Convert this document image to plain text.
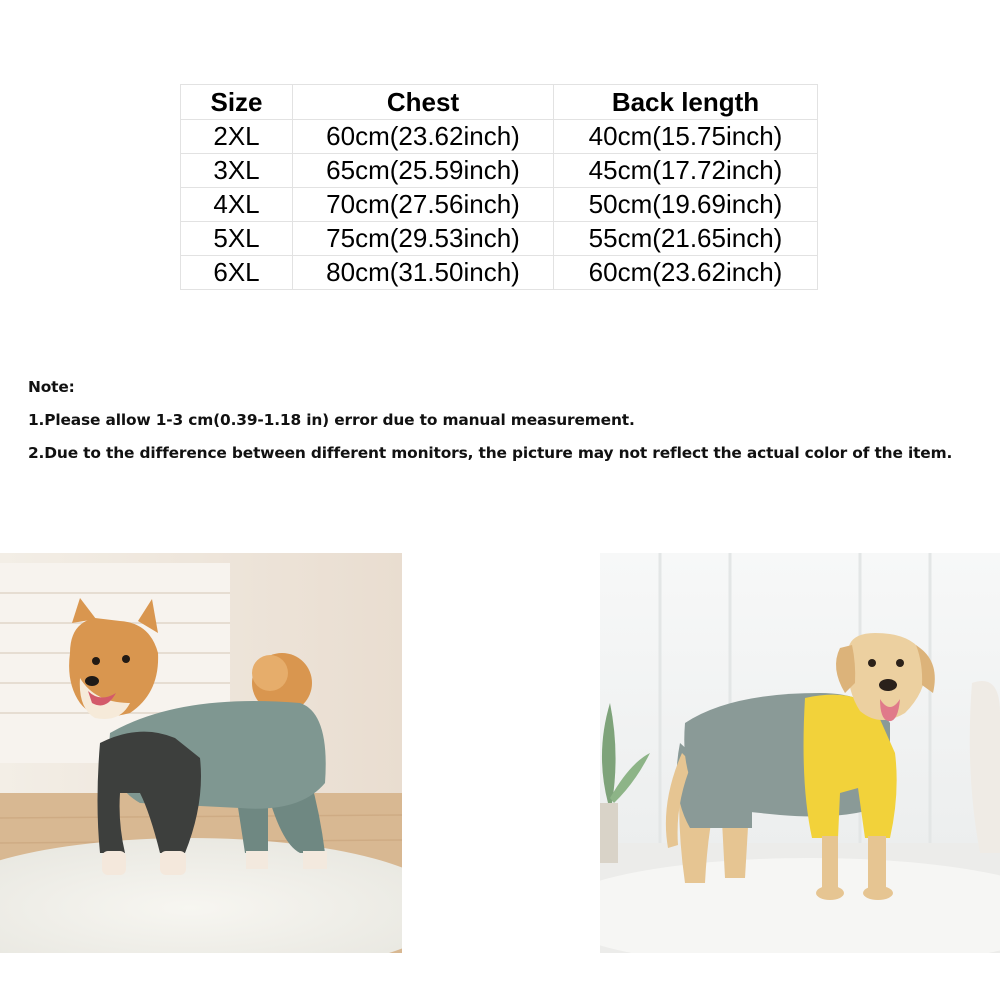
Size	Chest	Back length
2XL	60cm(23.62inch)	40cm(15.75inch)
3XL	65cm(25.59inch)	45cm(17.72inch)
4XL	70cm(27.56inch)	50cm(19.69inch)
5XL	75cm(29.53inch)	55cm(21.65inch)
6XL	80cm(31.50inch)	60cm(23.62inch)
Note:
1.Please allow 1-3 cm(0.39-1.18 in) error due to manual measurement.
2.Due to the difference between different monitors, the picture may not reflect the actual color of the item.
